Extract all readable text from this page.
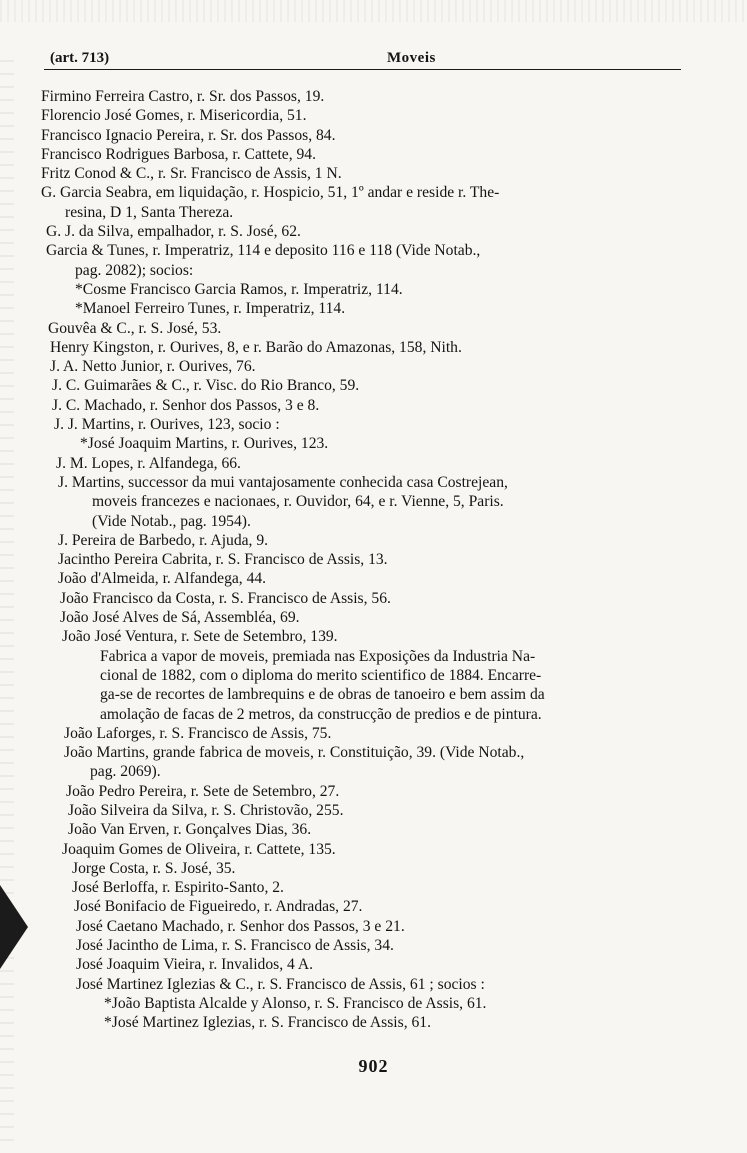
(art. 713)	Moveis
Firmino Ferreira Castro, r. Sr. dos Passos, 19.
Florencio José Gomes, r. Misericordia, 51.
Francisco Ignacio Pereira, r. Sr. dos Passos, 84.
Francisco Rodrigues Barbosa, r. Cattete, 94.
Fritz Conod & C., r. Sr. Francisco de Assis, 1 N.
G. Garcia Seabra, em liquidação, r. Hospicio, 51, 1º andar e reside r. The-
resina, D 1, Santa Thereza.
G. J. da Silva, empalhador, r. S. José, 62.
Garcia & Tunes, r. Imperatriz, 114 e deposito 116 e 118 (Vide Notab.,
pag. 2082); socios:
*Cosme Francisco Garcia Ramos, r. Imperatriz, 114.
*Manoel Ferreiro Tunes, r. Imperatriz, 114.
Gouvêa & C., r. S. José, 53.
Henry Kingston, r. Ourives, 8, e r. Barão do Amazonas, 158, Nith.
J. A. Netto Junior, r. Ourives, 76.
J. C. Guimarães & C., r. Visc. do Rio Branco, 59.
J. C. Machado, r. Senhor dos Passos, 3 e 8.
J. J. Martins, r. Ourives, 123, socio :
*José Joaquim Martins, r. Ourives, 123.
J. M. Lopes, r. Alfandega, 66.
J. Martins, successor da mui vantajosamente conhecida casa Costrejean,
moveis francezes e nacionaes, r. Ouvidor, 64, e r. Vienne, 5, Paris.
(Vide Notab., pag. 1954).
J. Pereira de Barbedo, r. Ajuda, 9.
Jacintho Pereira Cabrita, r. S. Francisco de Assis, 13.
João d'Almeida, r. Alfandega, 44.
João Francisco da Costa, r. S. Francisco de Assis, 56.
João José Alves de Sá, Assembléa, 69.
João José Ventura, r. Sete de Setembro, 139.
Fabrica a vapor de moveis, premiada nas Exposições da Industria Na-
cional de 1882, com o diploma do merito scientifico de 1884. Encarre-
ga-se de recortes de lambrequins e de obras de tanoeiro e bem assim da
amolação de facas de 2 metros, da construcção de predios e de pintura.
João Laforges, r. S. Francisco de Assis, 75.
João Martins, grande fabrica de moveis, r. Constituição, 39. (Vide Notab.,
pag. 2069).
João Pedro Pereira, r. Sete de Setembro, 27.
João Silveira da Silva, r. S. Christovão, 255.
João Van Erven, r. Gonçalves Dias, 36.
Joaquim Gomes de Oliveira, r. Cattete, 135.
Jorge Costa, r. S. José, 35.
José Berloffa, r. Espirito-Santo, 2.
José Bonifacio de Figueiredo, r. Andradas, 27.
José Caetano Machado, r. Senhor dos Passos, 3 e 21.
José Jacintho de Lima, r. S. Francisco de Assis, 34.
José Joaquim Vieira, r. Invalidos, 4 A.
José Martinez Iglezias & C., r. S. Francisco de Assis, 61 ; socios :
*João Baptista Alcalde y Alonso, r. S. Francisco de Assis, 61.
*José Martinez Iglezias, r. S. Francisco de Assis, 61.
902
